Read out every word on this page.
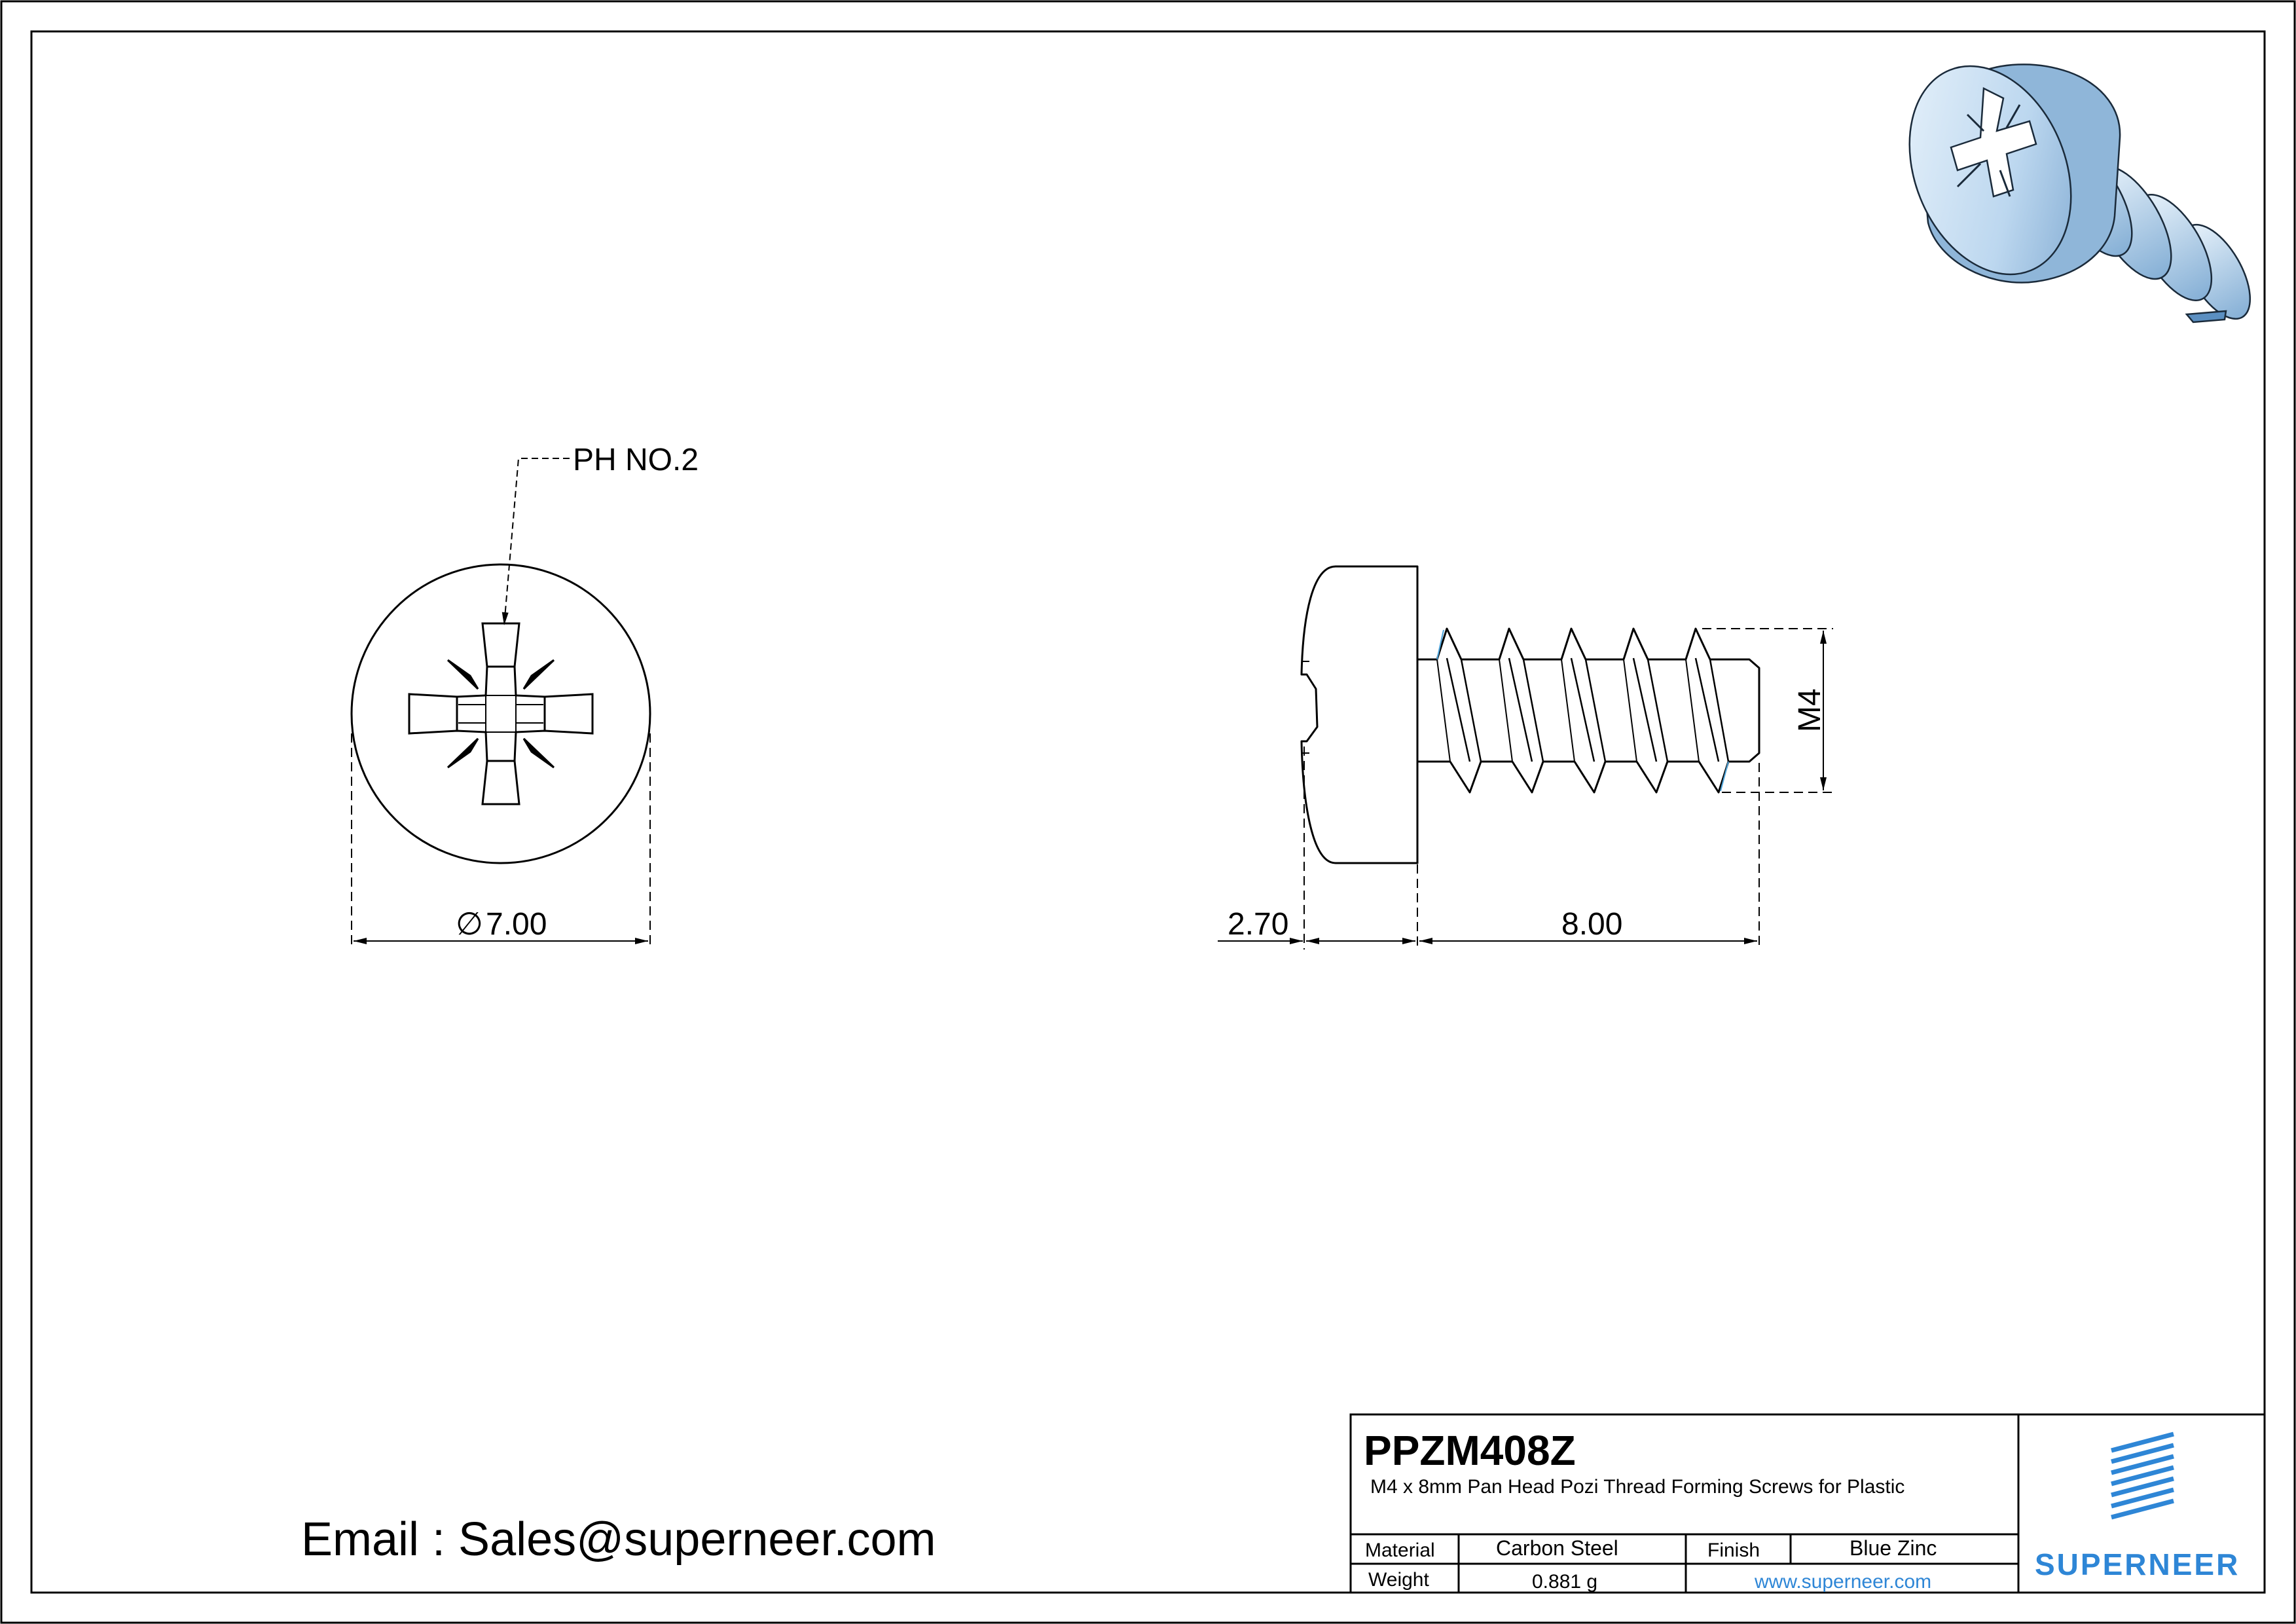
PH NO.2
∅ 7.00
M4
2.70	8.00
Email : Sales@superneer.com
PPZM408Z
M4 x 8mm Pan Head Pozi Thread Forming Screws for Plastic
Material	Carbon Steel	Finish	Blue Zinc
Weight	0.881 g	www.superneer.com
SUPERNEER
